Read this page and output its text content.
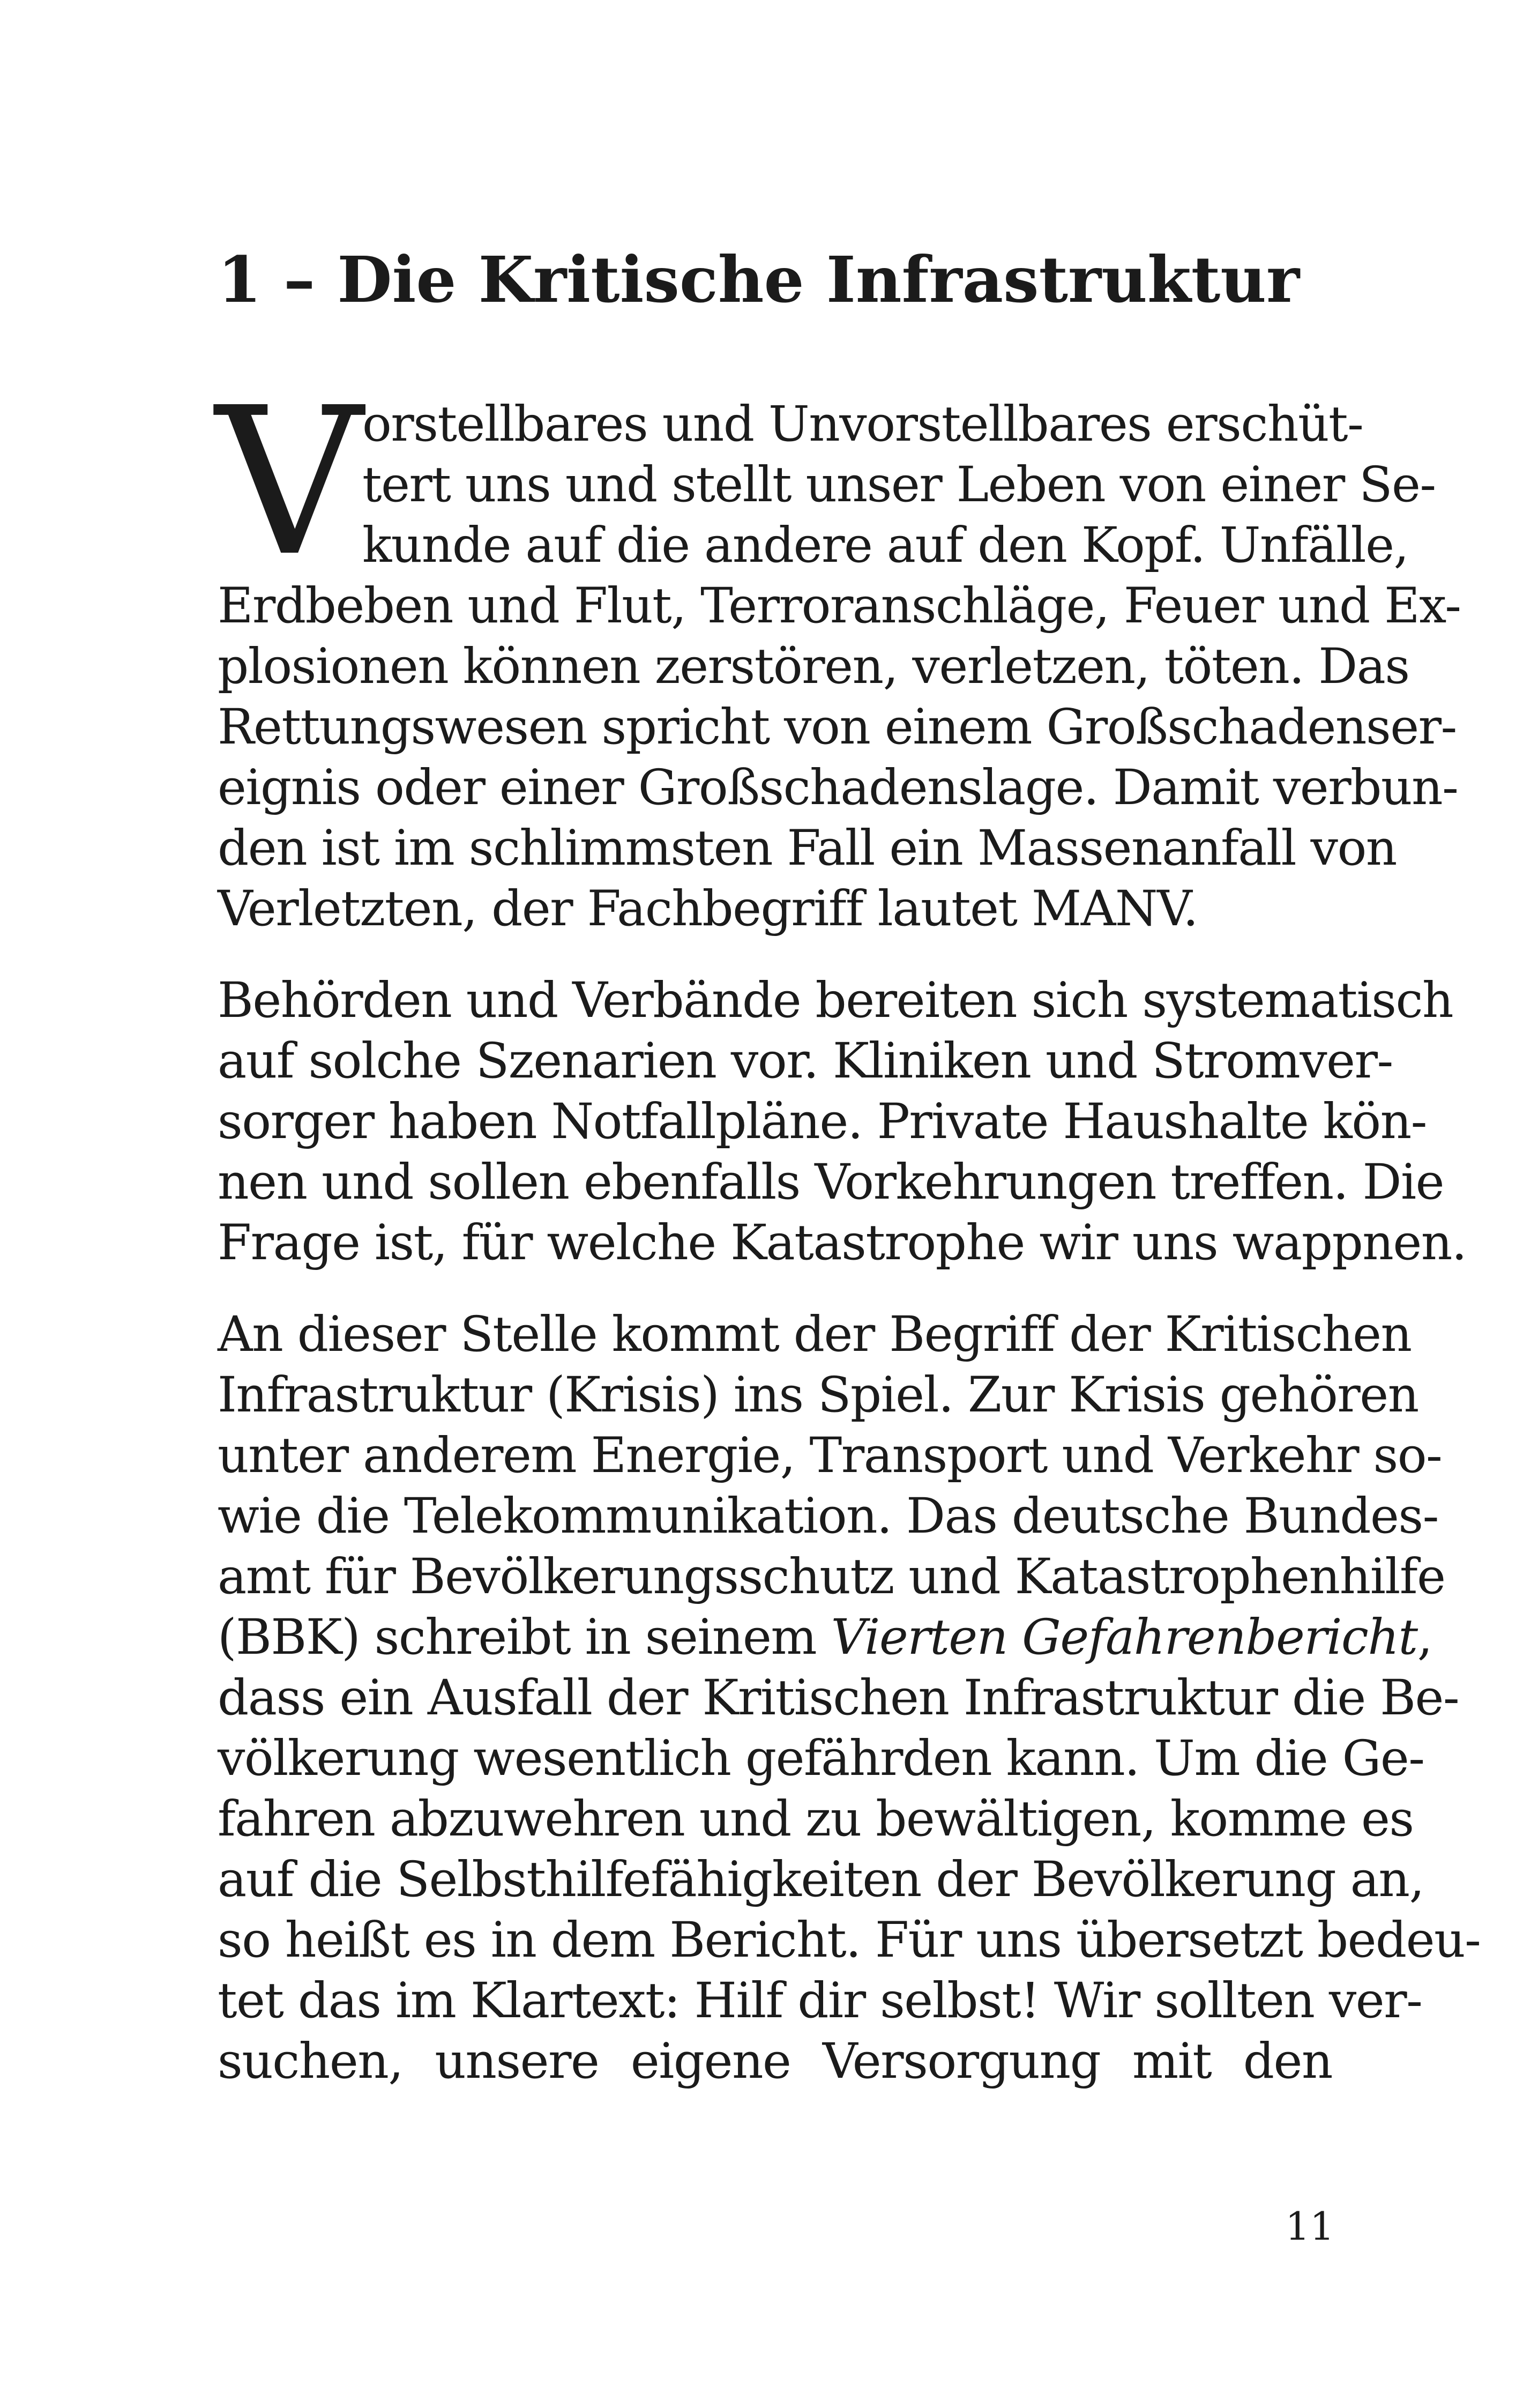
1 – Die Kritische Infrastruktur
V orstellbares und Unvorstellbares erschüt-
tert uns und stellt unser Leben von einer Se-
kunde auf die andere auf den Kopf. Unfälle,
Erdbeben und Flut, Terroranschläge, Feuer und Ex-
plosionen können zerstören, verletzen, töten. Das
Rettungswesen spricht von einem Großschadenser-
eignis oder einer Großschadenslage. Damit verbun-
den ist im schlimmsten Fall ein Massenanfall von
Verletzten, der Fachbegriff lautet MANV.
Behörden und Verbände bereiten sich systematisch
auf solche Szenarien vor. Kliniken und Stromver-
sorger haben Notfallpläne. Private Haushalte kön-
nen und sollen ebenfalls Vorkehrungen treffen. Die
Frage ist, für welche Katastrophe wir uns wappnen.
An dieser Stelle kommt der Begriff der Kritischen
Infrastruktur (Krisis) ins Spiel. Zur Krisis gehören
unter anderem Energie, Transport und Verkehr so-
wie die Telekommunikation. Das deutsche Bundes-
amt für Bevölkerungsschutz und Katastrophenhilfe
(BBK) schreibt in seinem Vierten Gefahrenbericht,
dass ein Ausfall der Kritischen Infrastruktur die Be-
völkerung wesentlich gefährden kann. Um die Ge-
fahren abzuwehren und zu bewältigen, komme es
auf die Selbsthilfefähigkeiten der Bevölkerung an,
so heißt es in dem Bericht. Für uns übersetzt bedeu-
tet das im Klartext: Hilf dir selbst! Wir sollten ver-
suchen, unsere eigene Versorgung mit den
11
